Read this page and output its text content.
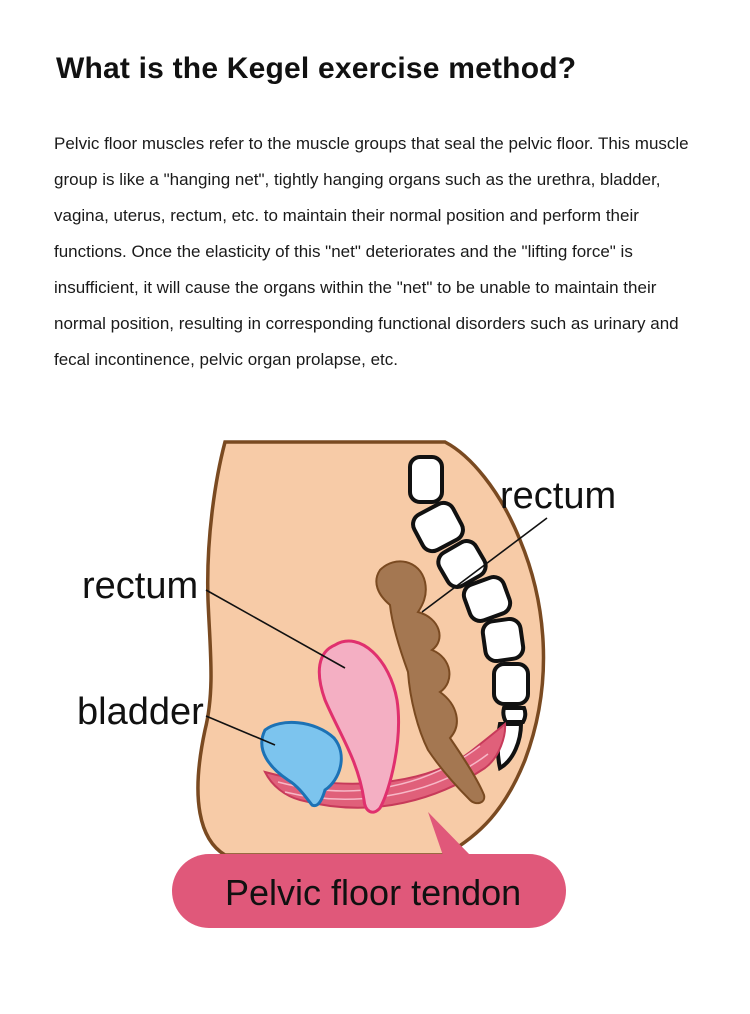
What is the Kegel exercise method?

Pelvic floor muscles refer to the muscle groups that seal the pelvic floor. This muscle group is like a "hanging net", tightly hanging organs such as the urethra, bladder, vagina, uterus, rectum, etc. to maintain their normal position and perform their functions. Once the elasticity of this "net" deteriorates and the "lifting force" is insufficient, it will cause the organs within the "net" to be unable to maintain their normal position, resulting in corresponding functional disorders such as urinary and fecal incontinence, pelvic organ prolapse, etc.

rectum
rectum
bladder
Pelvic floor tendon
